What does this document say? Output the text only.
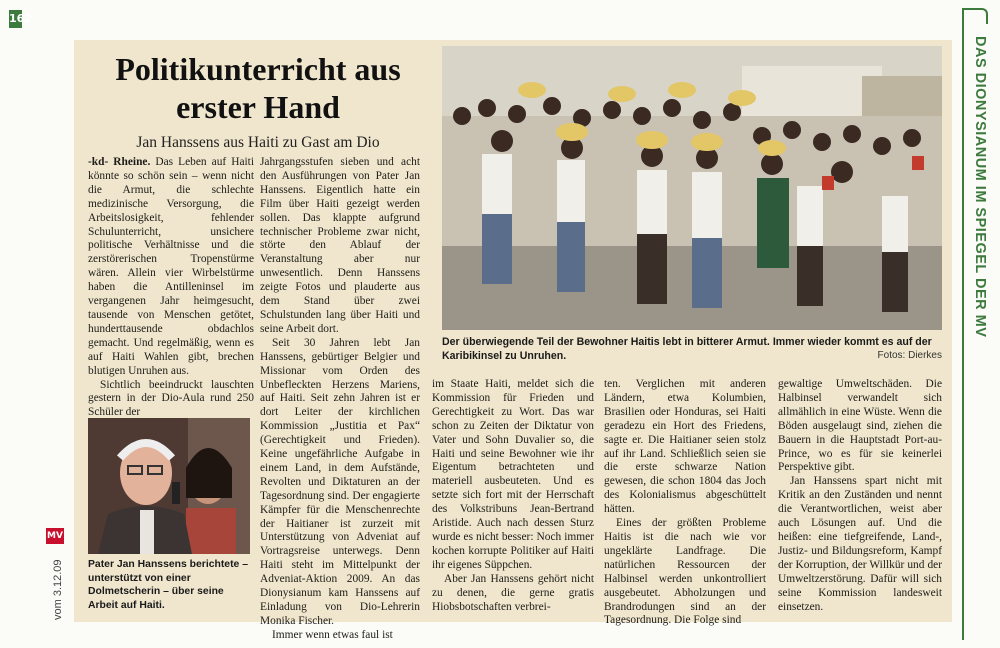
162
MV
vom 3.12.09
DAS DIONYSIANUM IM SPIEGEL DER MV
Politikunterricht aus erster Hand
Jan Hanssens aus Haiti zu Gast am Dio
Der überwiegende Teil der Bewohner Haitis lebt in bitterer Armut. Immer wieder kommt es auf der Karibikinsel zu Unruhen.	Fotos: Dierkes

-kd- Rheine. Das Leben auf Haiti könnte so schön sein – wenn nicht die Armut, die schlechte medizinische Versorgung, die Arbeitslosigkeit, fehlender Schulunterricht, unsichere politische Verhältnisse und die zerstörerischen Tropenstürme wären. Allein vier Wirbelstürme haben die Antilleninsel im vergangenen Jahr heimgesucht, tausende von Menschen getötet, hunderttausende obdachlos gemacht. Und regelmäßig, wenn es auf Haiti Wahlen gibt, brechen blutigen Unruhen aus.

Sichtlich beeindruckt lauschten gestern in der Dio-Aula rund 250 Schüler der

Pater Jan Hanssens berichtete – unterstützt von einer Dolmetscherin – über seine Arbeit auf Haiti.

Jahrgangsstufen sieben und acht den Ausführungen von Pater Jan Hanssens. Eigentlich hatte ein Film über Haiti gezeigt werden sollen. Das klappte aufgrund technischer Probleme zwar nicht, störte den Ablauf der Veranstaltung aber nur unwesentlich. Denn Hanssens zeigte Fotos und plauderte aus dem Stand über zwei Schulstunden lang über Haiti und seine Arbeit dort.

Seit 30 Jahren lebt Jan Hanssens, gebürtiger Belgier und Missionar vom Orden des Unbefleckten Herzens Mariens, auf Haiti. Seit zehn Jahren ist er dort Leiter der kirchlichen Kommission „Justitia et Pax“ (Gerechtigkeit und Frieden). Keine ungefährliche Aufgabe in einem Land, in dem Aufstände, Revolten und Diktaturen an der Tagesordnung sind. Der engagierte Kämpfer für die Menschenrechte der Haitianer ist zurzeit mit Unterstützung von Adveniat auf Vortragsreise unterwegs. Denn Haiti steht im Mittelpunkt der Adveniat-Aktion 2009. An das Dionysianum kam Hanssens auf Einladung von Dio-Lehrerin Monika Fischer.

Immer wenn etwas faul ist

im Staate Haiti, meldet sich die Kommission für Frieden und Gerechtigkeit zu Wort. Das war schon zu Zeiten der Diktatur von Vater und Sohn Duvalier so, die Haiti und seine Bewohner wie ihr Eigentum betrachteten und materiell ausbeuteten. Und es setzte sich fort mit der Herrschaft des Volkstribuns Jean-Bertrand Aristide. Auch nach dessen Sturz wurde es nicht besser: Noch immer kochen korrupte Politiker auf Haiti ihr eigenes Süppchen.

Aber Jan Hanssens gehört nicht zu denen, die gerne gratis Hiobsbotschaften verbrei-

ten. Verglichen mit anderen Ländern, etwa Kolumbien, Brasilien oder Honduras, sei Haiti geradezu ein Hort des Friedens, sagte er. Die Haitianer seien stolz auf ihr Land. Schließlich seien sie die erste schwarze Nation gewesen, die schon 1804 das Joch des Kolonialismus abgeschüttelt hätten.

Eines der größten Probleme Haitis ist die nach wie vor ungeklärte Landfrage. Die natürlichen Ressourcen der Halbinsel werden unkontrolliert ausgebeutet. Abholzungen und Brandrodungen sind an der Tagesordnung. Die Folge sind

gewaltige Umweltschäden. Die Halbinsel verwandelt sich allmählich in eine Wüste. Wenn die Böden ausgelaugt sind, ziehen die Bauern in die Hauptstadt Port-au-Prince, wo es für sie keinerlei Perspektive gibt.

Jan Hanssens spart nicht mit Kritik an den Zuständen und nennt die Verantwortlichen, weist aber auch Lösungen auf. Und die heißen: eine tiefgreifende, Land-, Justiz- und Bildungsreform, Kampf der Korruption, der Willkür und der Umweltzerstörung. Dafür will sich seine Kommission landesweit einsetzen.
